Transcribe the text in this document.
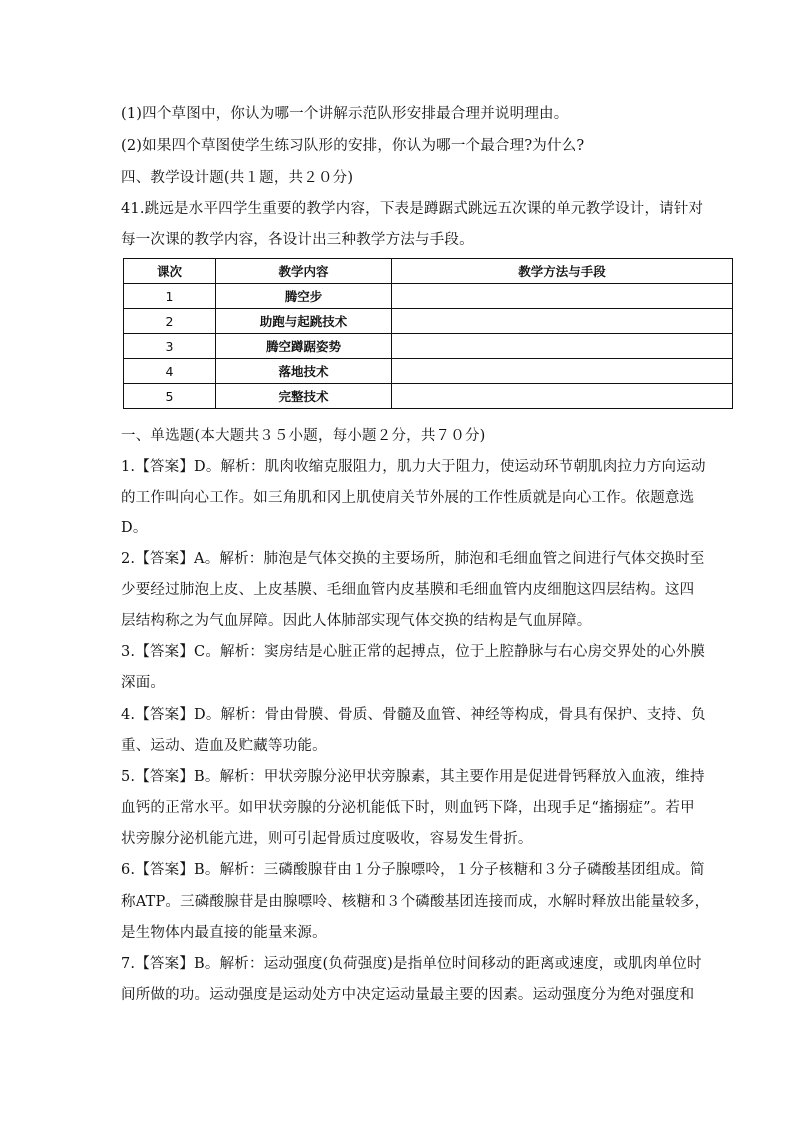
(1)四个草图中，你认为哪一个讲解示范队形安排最合理并说明理由。
(2)如果四个草图使学生练习队形的安排，你认为哪一个最合理?为什么?
四、教学设计题(共１题，共２０分)
41.跳远是水平四学生重要的教学内容，下表是蹲踞式跳远五次课的单元教学设计，请针对
每一次课的教学内容，各设计出三种教学方法与手段。
课次	教学内容	教学方法与手段
1	腾空步	
2	助跑与起跳技术	
3	腾空蹲踞姿势	
4	落地技术	
5	完整技术	
一、单选题(本大题共３５小题，每小题２分，共７０分)
1.【答案】D。解析：肌肉收缩克服阻力，肌力大于阻力，使运动环节朝肌肉拉力方向运动
的工作叫向心工作。如三角肌和冈上肌使肩关节外展的工作性质就是向心工作。依题意选
D。
2.【答案】A。解析：肺泡是气体交换的主要场所，肺泡和毛细血管之间进行气体交换时至
少要经过肺泡上皮、上皮基膜、毛细血管内皮基膜和毛细血管内皮细胞这四层结构。这四
层结构称之为气血屏障。因此人体肺部实现气体交换的结构是气血屏障。
3.【答案】C。解析：窦房结是心脏正常的起搏点，位于上腔静脉与右心房交界处的心外膜
深面。
4.【答案】D。解析：骨由骨膜、骨质、骨髓及血管、神经等构成，骨具有保护、支持、负
重、运动、造血及贮藏等功能。
5.【答案】B。解析：甲状旁腺分泌甲状旁腺素，其主要作用是促进骨钙释放入血液，维持
血钙的正常水平。如甲状旁腺的分泌机能低下时，则血钙下降，出现手足“搐搦症”。若甲
状旁腺分泌机能亢进，则可引起骨质过度吸收，容易发生骨折。
6.【答案】B。解析：三磷酸腺苷由１分子腺嘌呤，１分子核糖和３分子磷酸基团组成。简
称ATP。三磷酸腺苷是由腺嘌呤、核糖和３个磷酸基团连接而成，水解时释放出能量较多，
是生物体内最直接的能量来源。
7.【答案】B。解析：运动强度(负荷强度)是指单位时间移动的距离或速度，或肌肉单位时
间所做的功。运动强度是运动处方中决定运动量最主要的因素。运动强度分为绝对强度和
